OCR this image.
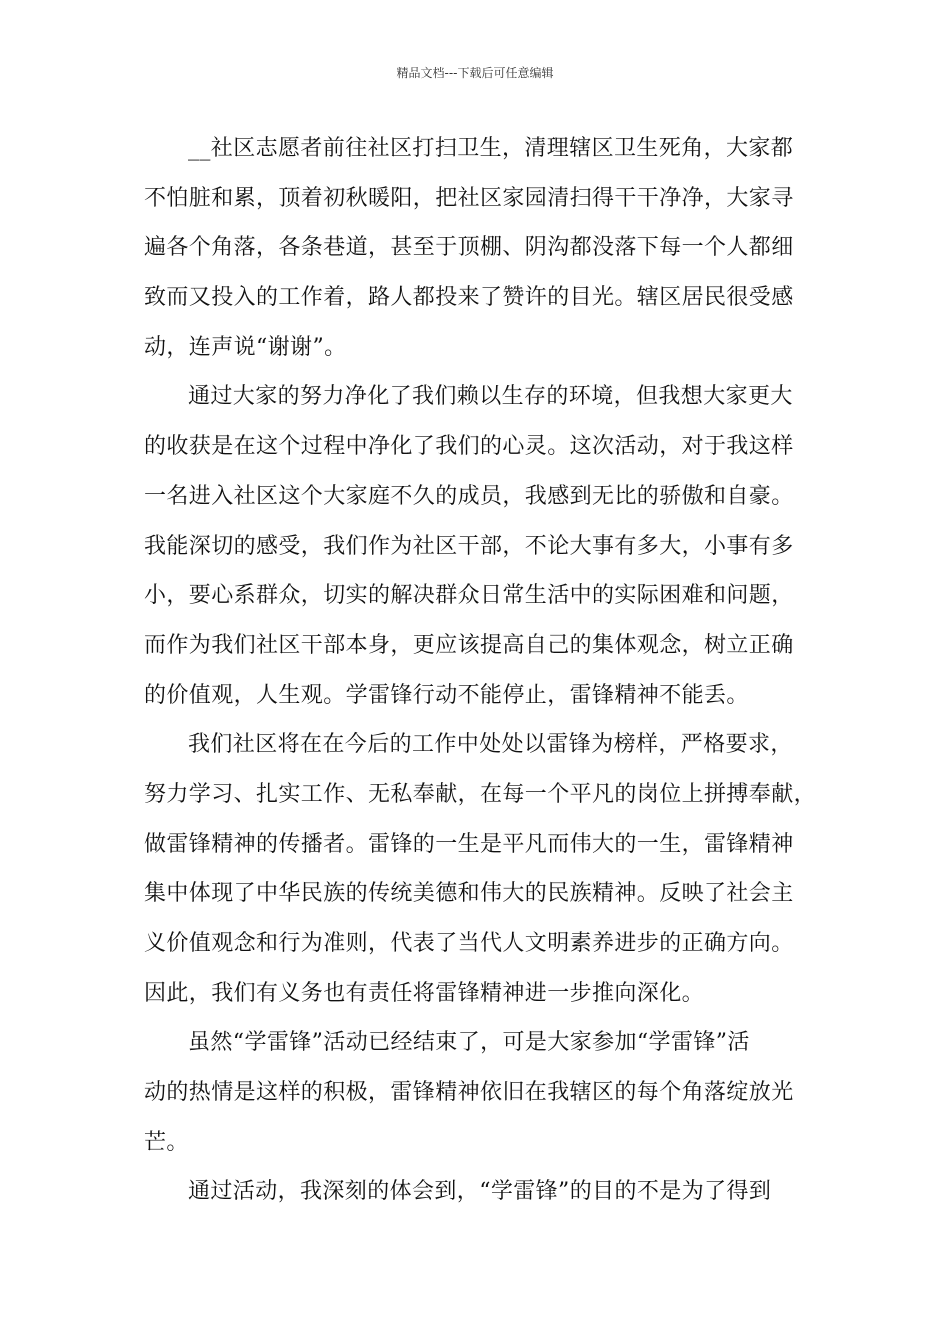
精品文档---下载后可任意编辑
__社区志愿者前往社区打扫卫生，清理辖区卫生死角，大家都
不怕脏和累，顶着初秋暖阳，把社区家园清扫得干干净净，大家寻
遍各个角落，各条巷道，甚至于顶棚、阴沟都没落下每一个人都细
致而又投入的工作着，路人都投来了赞许的目光。辖区居民很受感
动，连声说“谢谢”。
通过大家的努力净化了我们赖以生存的环境，但我想大家更大
的收获是在这个过程中净化了我们的心灵。这次活动，对于我这样
一名进入社区这个大家庭不久的成员，我感到无比的骄傲和自豪。
我能深切的感受，我们作为社区干部，不论大事有多大，小事有多
小，要心系群众，切实的解决群众日常生活中的实际困难和问题，
而作为我们社区干部本身，更应该提高自己的集体观念，树立正确
的价值观，人生观。学雷锋行动不能停止，雷锋精神不能丢。
我们社区将在在今后的工作中处处以雷锋为榜样，严格要求，
努力学习、扎实工作、无私奉献，在每一个平凡的岗位上拼搏奉献，
做雷锋精神的传播者。雷锋的一生是平凡而伟大的一生，雷锋精神
集中体现了中华民族的传统美德和伟大的民族精神。反映了社会主
义价值观念和行为准则，代表了当代人文明素养进步的正确方向。
因此，我们有义务也有责任将雷锋精神进一步推向深化。
虽然“学雷锋”活动已经结束了，可是大家参加“学雷锋”活
动的热情是这样的积极，雷锋精神依旧在我辖区的每个角落绽放光
芒。
通过活动，我深刻的体会到，“学雷锋”的目的不是为了得到
